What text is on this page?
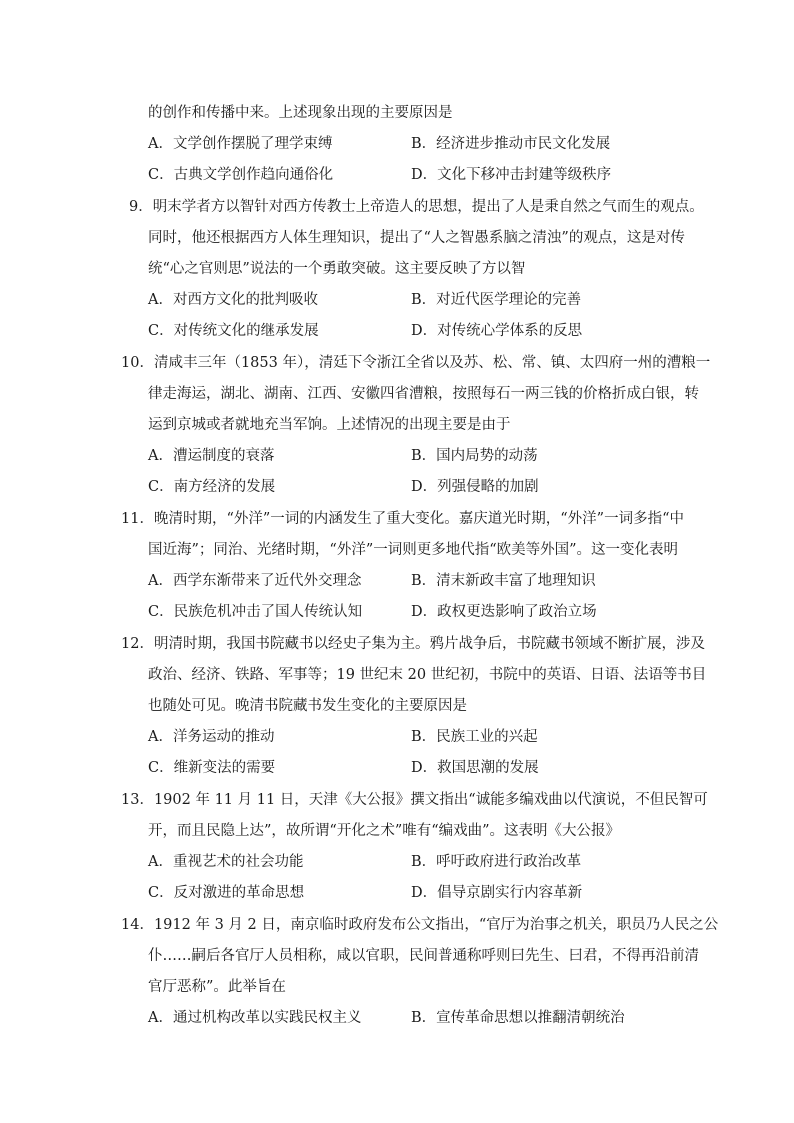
的创作和传播中来。上述现象出现的主要原因是
A．文学创作摆脱了理学束缚	B．经济进步推动市民文化发展
C．古典文学创作趋向通俗化	D．文化下移冲击封建等级秩序
9．明末学者方以智针对西方传教士上帝造人的思想，提出了人是秉自然之气而生的观点。
同时，他还根据西方人体生理知识，提出了“人之智愚系脑之清浊”的观点，这是对传
统“心之官则思”说法的一个勇敢突破。这主要反映了方以智
A．对西方文化的批判吸收	B．对近代医学理论的完善
C．对传统文化的继承发展	D．对传统心学体系的反思
10．清咸丰三年（1853 年），清廷下令浙江全省以及苏、松、常、镇、太四府一州的漕粮一
律走海运，湖北、湖南、江西、安徽四省漕粮，按照每石一两三钱的价格折成白银，转
运到京城或者就地充当军饷。上述情况的出现主要是由于
A．漕运制度的衰落	B．国内局势的动荡
C．南方经济的发展	D．列强侵略的加剧
11．晚清时期，“外洋”一词的内涵发生了重大变化。嘉庆道光时期，“外洋”一词多指“中
国近海”；同治、光绪时期，“外洋”一词则更多地代指“欧美等外国”。这一变化表明
A．西学东渐带来了近代外交理念	B．清末新政丰富了地理知识
C．民族危机冲击了国人传统认知	D．政权更迭影响了政治立场
12．明清时期，我国书院藏书以经史子集为主。鸦片战争后，书院藏书领域不断扩展，涉及
政治、经济、铁路、军事等；19 世纪末 20 世纪初，书院中的英语、日语、法语等书目
也随处可见。晚清书院藏书发生变化的主要原因是
A．洋务运动的推动	B．民族工业的兴起
C．维新变法的需要	D．救国思潮的发展
13．1902 年 11 月 11 日，天津《大公报》撰文指出“诚能多编戏曲以代演说，不但民智可
开，而且民隐上达”，故所谓“开化之术”唯有“编戏曲”。这表明《大公报》
A．重视艺术的社会功能	B．呼吁政府进行政治改革
C．反对激进的革命思想	D．倡导京剧实行内容革新
14．1912 年 3 月 2 日，南京临时政府发布公文指出，“官厅为治事之机关，职员乃人民之公
仆……嗣后各官厅人员相称，咸以官职，民间普通称呼则曰先生、曰君，不得再沿前清
官厅恶称”。此举旨在
A．通过机构改革以实践民权主义	B．宣传革命思想以推翻清朝统治
